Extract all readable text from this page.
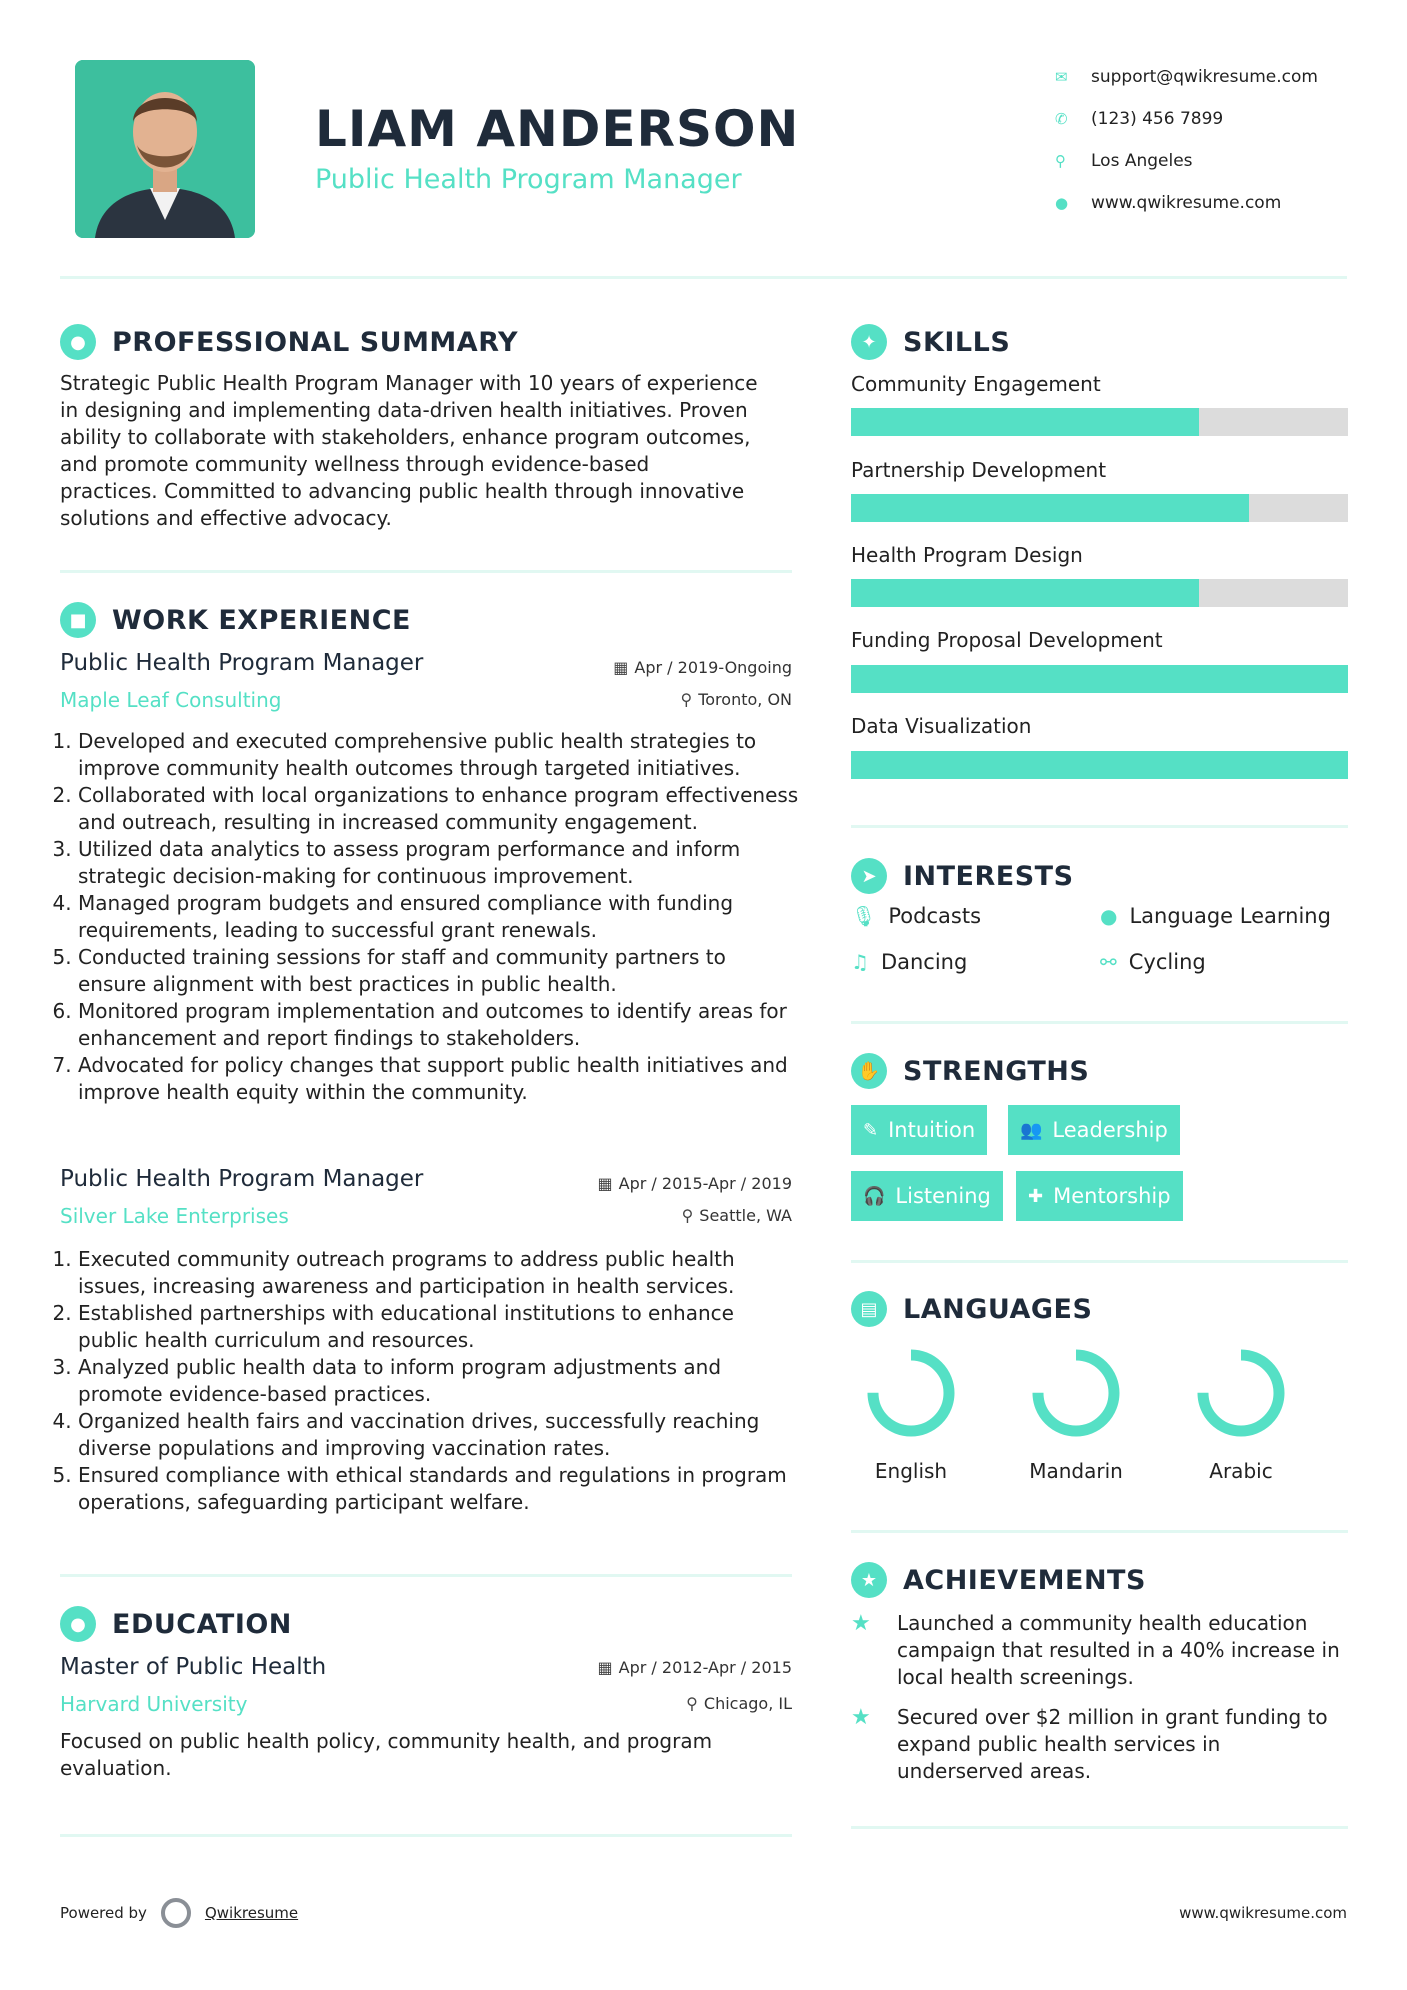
LIAM ANDERSON
Public Health Program Manager
✉	support@qwikresume.com
✆	(123) 456 7899
⚲	Los Angeles
●	www.qwikresume.com
● PROFESSIONAL SUMMARY
Strategic Public Health Program Manager with 10 years of experience
in designing and implementing data-driven health initiatives. Proven
ability to collaborate with stakeholders, enhance program outcomes,
and promote community wellness through evidence-based
practices. Committed to advancing public health through innovative
solutions and effective advocacy.
■ WORK EXPERIENCE
Public Health Program Manager	▦ Apr / 2019-Ongoing
Maple Leaf Consulting	⚲ Toronto, ON
1. Developed and executed comprehensive public health strategies to improve community health outcomes through targeted initiatives.
2. Collaborated with local organizations to enhance program effectiveness and outreach, resulting in increased community engagement.
3. Utilized data analytics to assess program performance and inform strategic decision-making for continuous improvement.
4. Managed program budgets and ensured compliance with funding requirements, leading to successful grant renewals.
5. Conducted training sessions for staff and community partners to ensure alignment with best practices in public health.
6. Monitored program implementation and outcomes to identify areas for enhancement and report findings to stakeholders.
7. Advocated for policy changes that support public health initiatives and improve health equity within the community.
Public Health Program Manager	▦ Apr / 2015-Apr / 2019
Silver Lake Enterprises	⚲ Seattle, WA
1. Executed community outreach programs to address public health issues, increasing awareness and participation in health services.
2. Established partnerships with educational institutions to enhance public health curriculum and resources.
3. Analyzed public health data to inform program adjustments and promote evidence-based practices.
4. Organized health fairs and vaccination drives, successfully reaching diverse populations and improving vaccination rates.
5. Ensured compliance with ethical standards and regulations in program operations, safeguarding participant welfare.
● EDUCATION
Master of Public Health	▦ Apr / 2012-Apr / 2015
Harvard University	⚲ Chicago, IL
Focused on public health policy, community health, and program evaluation.
✦ SKILLS
Community Engagement
Partnership Development
Health Program Design
Funding Proposal Development
Data Visualization
➤ INTERESTS
🎙 Podcasts	● Language Learning
♫ Dancing	⚯ Cycling
✋ STRENGTHS
✎ Intuition 👥 Leadership
🎧 Listening ✚ Mentorship
▤ LANGUAGES
English	Mandarin	Arabic
★ ACHIEVEMENTS
★	Launched a community health education campaign that resulted in a 40% increase in local health screenings.
★	Secured over $2 million in grant funding to expand public health services in underserved areas.
Powered by	Qwikresume	www.qwikresume.com
